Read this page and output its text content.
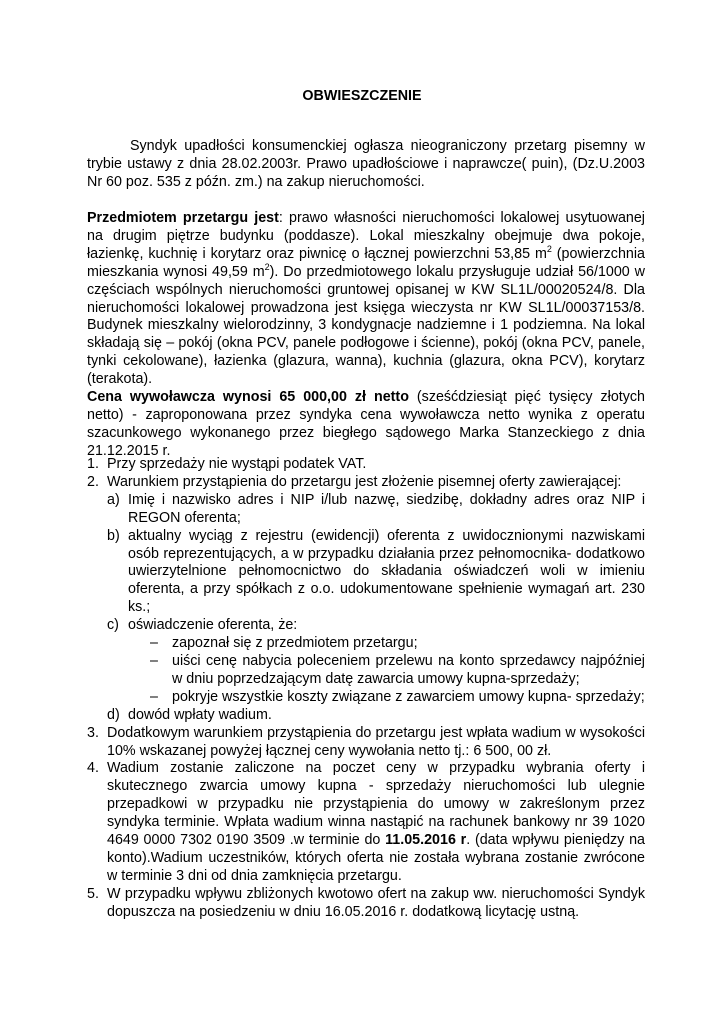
OBWIESZCZENIE

Syndyk upadłości konsumenckiej ogłasza nieograniczony przetarg pisemny w trybie ustawy z dnia 28.02.2003r. Prawo upadłościowe i naprawcze( puin), (Dz.U.2003 Nr 60 poz. 535 z późn. zm.) na zakup nieruchomości.

Przedmiotem przetargu jest: prawo własności nieruchomości lokalowej usytuowanej na drugim piętrze budynku (poddasze). Lokal mieszkalny obejmuje dwa pokoje, łazienkę, kuchnię i korytarz oraz piwnicę o łącznej powierzchni 53,85 $m^2$ (powierzchnia mieszkania wynosi 49,59 $m^2$). Do przedmiotowego lokalu przysługuje udział 56/1000 w częściach wspólnych nieruchomości gruntowej opisanej w KW SL1L/00020524/8. Dla nieruchomości lokalowej prowadzona jest księga wieczysta nr KW SL1L/00037153/8. Budynek mieszkalny wielorodzinny, 3 kondygnacje nadziemne i 1 podziemna. Na lokal składają się – pokój (okna PCV, panele podłogowe i ścienne), pokój (okna PCV, panele, tynki cekolowane), łazienka (glazura, wanna), kuchnia (glazura, okna PCV), korytarz (terakota).

Cena wywoławcza wynosi 65 000,00 zł netto (sześćdziesiąt pięć tysięcy złotych netto) - zaproponowana przez syndyka cena wywoławcza netto wynika z operatu szacunkowego wykonanego przez biegłego sądowego Marka Stanzeckiego z dnia 21.12.2015 r.

1. Przy sprzedaży nie wystąpi podatek VAT.
2. Warunkiem przystąpienia do przetargu jest złożenie pisemnej oferty zawierającej:
a) Imię i nazwisko adres i NIP i/lub nazwę, siedzibę, dokładny adres oraz NIP i REGON oferenta;
b) aktualny wyciąg z rejestru (ewidencji) oferenta z uwidocznionymi nazwiskami osób reprezentujących, a w przypadku działania przez pełnomocnika- dodatkowo uwierzytelnione pełnomocnictwo do składania oświadczeń woli w imieniu oferenta, a przy spółkach z o.o. udokumentowane spełnienie wymagań art. 230 ks.;
c) oświadczenie oferenta, że:
– zapoznał się z przedmiotem przetargu;
– uiści cenę nabycia poleceniem przelewu na konto sprzedawcy najpóźniej w dniu poprzedzającym datę zawarcia umowy kupna-sprzedaży;
– pokryje wszystkie koszty związane z zawarciem umowy kupna- sprzedaży;
d) dowód wpłaty wadium.
3. Dodatkowym warunkiem przystąpienia do przetargu jest wpłata wadium w wysokości 10% wskazanej powyżej łącznej ceny wywołania netto tj.: 6 500, 00 zł.
4. Wadium zostanie zaliczone na poczet ceny w przypadku wybrania oferty i skutecznego zwarcia umowy kupna - sprzedaży nieruchomości lub ulegnie przepadkowi w przypadku nie przystąpienia do umowy w zakreślonym przez syndyka terminie. Wpłata wadium winna nastąpić na rachunek bankowy nr 39 1020 4649 0000 7302 0190 3509 .w terminie do 11.05.2016 r. (data wpływu pieniędzy na konto).Wadium uczestników, których oferta nie została wybrana zostanie zwrócone w terminie 3 dni od dnia zamknięcia przetargu.
5. W przypadku wpływu zbliżonych kwotowo ofert na zakup ww. nieruchomości Syndyk dopuszcza na posiedzeniu w dniu 16.05.2016 r. dodatkową licytację ustną.
